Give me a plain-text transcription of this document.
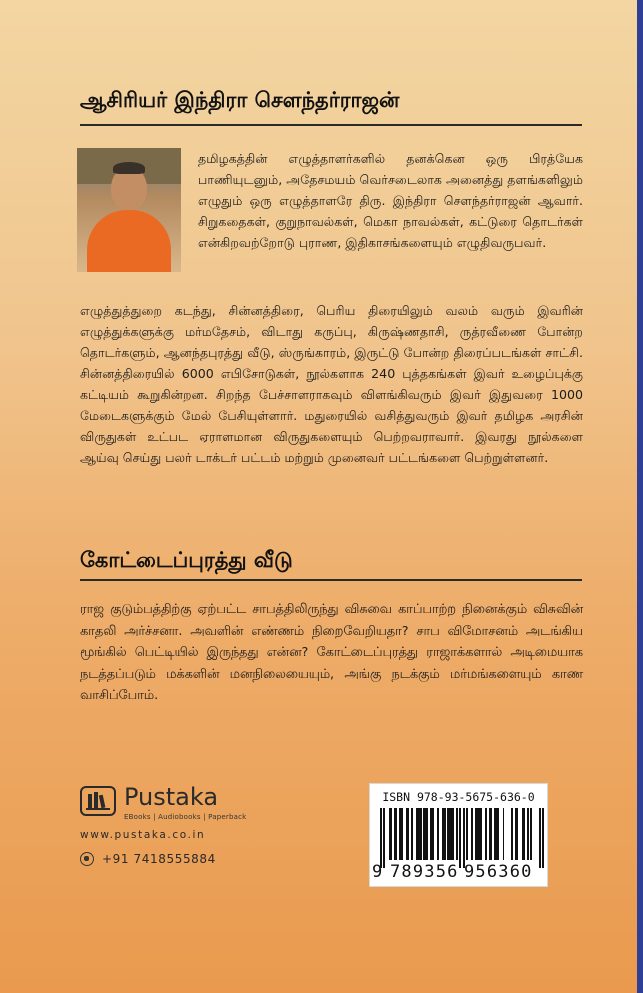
ஆசிரியர் இந்திரா சௌந்தர்ராஜன்

தமிழகத்தின் எழுத்தாளர்களில் தனக்கென ஒரு பிரத்யேக பாணியுடனும், அதேசமயம் வெர்சடைலாக அனைத்து தளங்களிலும் எழுதும் ஒரு எழுத்தாளரே திரு. இந்திரா சௌந்தர்ராஜன் ஆவார். சிறுகதைகள், குறுநாவல்கள், மெகா நாவல்கள், கட்டுரை தொடர்கள் என்கிறவற்றோடு புராண, இதிகாசங்களையும் எழுதிவருபவர்.

எழுத்துத்துறை கடந்து, சின்னத்திரை, பெரிய திரையிலும் வலம் வரும் இவரின் எழுத்துக்களுக்கு மர்மதேசம், விடாது கருப்பு, கிருஷ்ணதாசி, ருத்ரவீணை போன்ற தொடர்களும், ஆனந்தபுரத்து வீடு, ஸ்ருங்காரம், இருட்டு போன்ற திரைப்படங்கள் சாட்சி. சின்னத்திரையில் 6000 எபிசோடுகள், நூல்களாக 240 புத்தகங்கள் இவர் உழைப்புக்கு கட்டியம் கூறுகின்றன. சிறந்த பேச்சாளராகவும் விளங்கிவரும் இவர் இதுவரை 1000 மேடைகளுக்கும் மேல் பேசியுள்ளார். மதுரையில் வசித்துவரும் இவர் தமிழக அரசின் விருதுகள் உட்பட ஏராளமான விருதுகளையும் பெற்றவராவார். இவரது நூல்களை ஆய்வு செய்து பலர் டாக்டர் பட்டம் மற்றும் முனைவர் பட்டங்களை பெற்றுள்ளனர்.

கோட்டைப்புரத்து வீடு

ராஜ குடும்பத்திற்கு ஏற்பட்ட சாபத்திலிருந்து விசுவை காப்பாற்ற நினைக்கும் விசுவின் காதலி அர்ச்சனா. அவளின் எண்ணம் நிறைவேறியதா? சாப விமோசனம் அடங்கிய மூங்கில் பெட்டியில் இருந்தது என்ன? கோட்டைப்புரத்து ராஜாக்களால் அடிமையாக நடத்தப்படும் மக்களின் மனநிலையையும், அங்கு நடக்கும் மர்மங்களையும் காண வாசிப்போம்.

Pustaka
EBooks | Audiobooks | Paperback
www.pustaka.co.in
+91 7418555884
ISBN 978-93-5675-636-0
9 789356 956360
